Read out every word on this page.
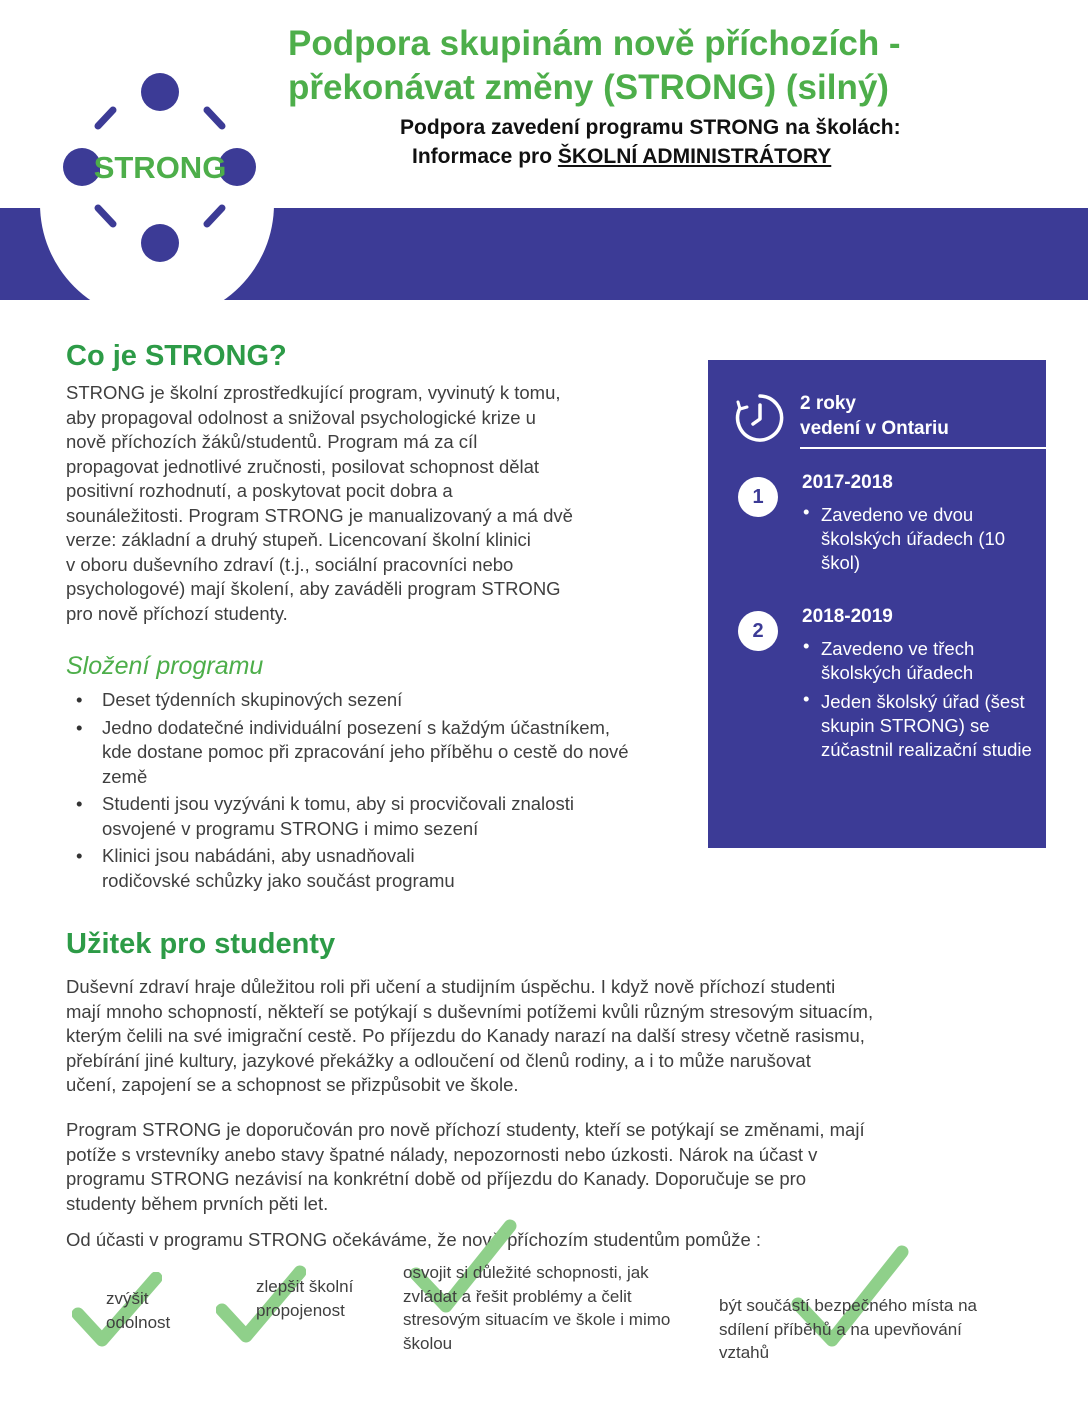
STRONG
Podpora skupinám nově příchozích -
překonávat změny (STRONG) (silný)
Podpora zavedení programu STRONG na školách:
Informace pro ŠKOLNÍ ADMINISTRÁTORY
Co je STRONG?
STRONG je školní zprostředkující program, vyvinutý k tomu,
aby propagoval odolnost a snižoval psychologické krize u
nově příchozích žáků/studentů. Program má za cíl
propagovat jednotlivé zručnosti, posilovat schopnost dělat
positivní rozhodnutí, a poskytovat pocit dobra a
sounáležitosti. Program STRONG je manualizovaný a má dvě
verze: základní a druhý stupeň. Licencovaní školní klinici
v oboru duševního zdraví (t.j., sociální pracovníci nebo
psychologové) mají školení, aby zaváděli program STRONG
pro nově příchozí studenty.
Složení programu
• Deset týdenních skupinových sezení
• Jedno dodatečné individuální posezení s každým účastníkem, kde dostane pomoc při zpracování jeho příběhu o cestě do nové země
• Studenti jsou vyzýváni k tomu, aby si procvičovali znalosti osvojené v programu STRONG i mimo sezení
• Klinici jsou nabádáni, aby usnadňovali rodičovské schůzky jako součást programu
2 roky
vedení v Ontariu
1
2017-2018
• Zavedeno ve dvou školských úřadech (10 škol)
2
2018-2019
• Zavedeno ve třech školských úřadech
• Jeden školský úřad (šest skupin STRONG) se zúčastnil realizační studie
Užitek pro studenty
Duševní zdraví hraje důležitou roli při učení a studijním úspěchu. I když nově příchozí studenti
mají mnoho schopností, někteří se potýkají s duševními potížemi kvůli různým stresovým situacím,
kterým čelili na své imigrační cestě. Po příjezdu do Kanady narazí na další stresy včetně rasismu,
přebírání jiné kultury, jazykové překážky a odloučení od členů rodiny, a i to může narušovat
učení, zapojení se a schopnost se přizpůsobit ve škole.
Program STRONG je doporučován pro nově příchozí studenty, kteří se potýkají se změnami, mají
potíže s vrstevníky anebo stavy špatné nálady, nepozornosti nebo úzkosti. Nárok na účast v
programu STRONG nezávisí na konkrétní době od příjezdu do Kanady. Doporučuje se pro
studenty během prvních pěti let.
Od účasti v programu STRONG očekáváme, že nově příchozím studentům pomůže :
zvýšit odolnost
zlepšit školní propojenost
osvojit si důležité schopnosti, jak zvládat a řešit problémy a čelit stresovým situacím ve škole i mimo školou
být součástí bezpečného místa na sdílení příběhů a na upevňování vztahů
